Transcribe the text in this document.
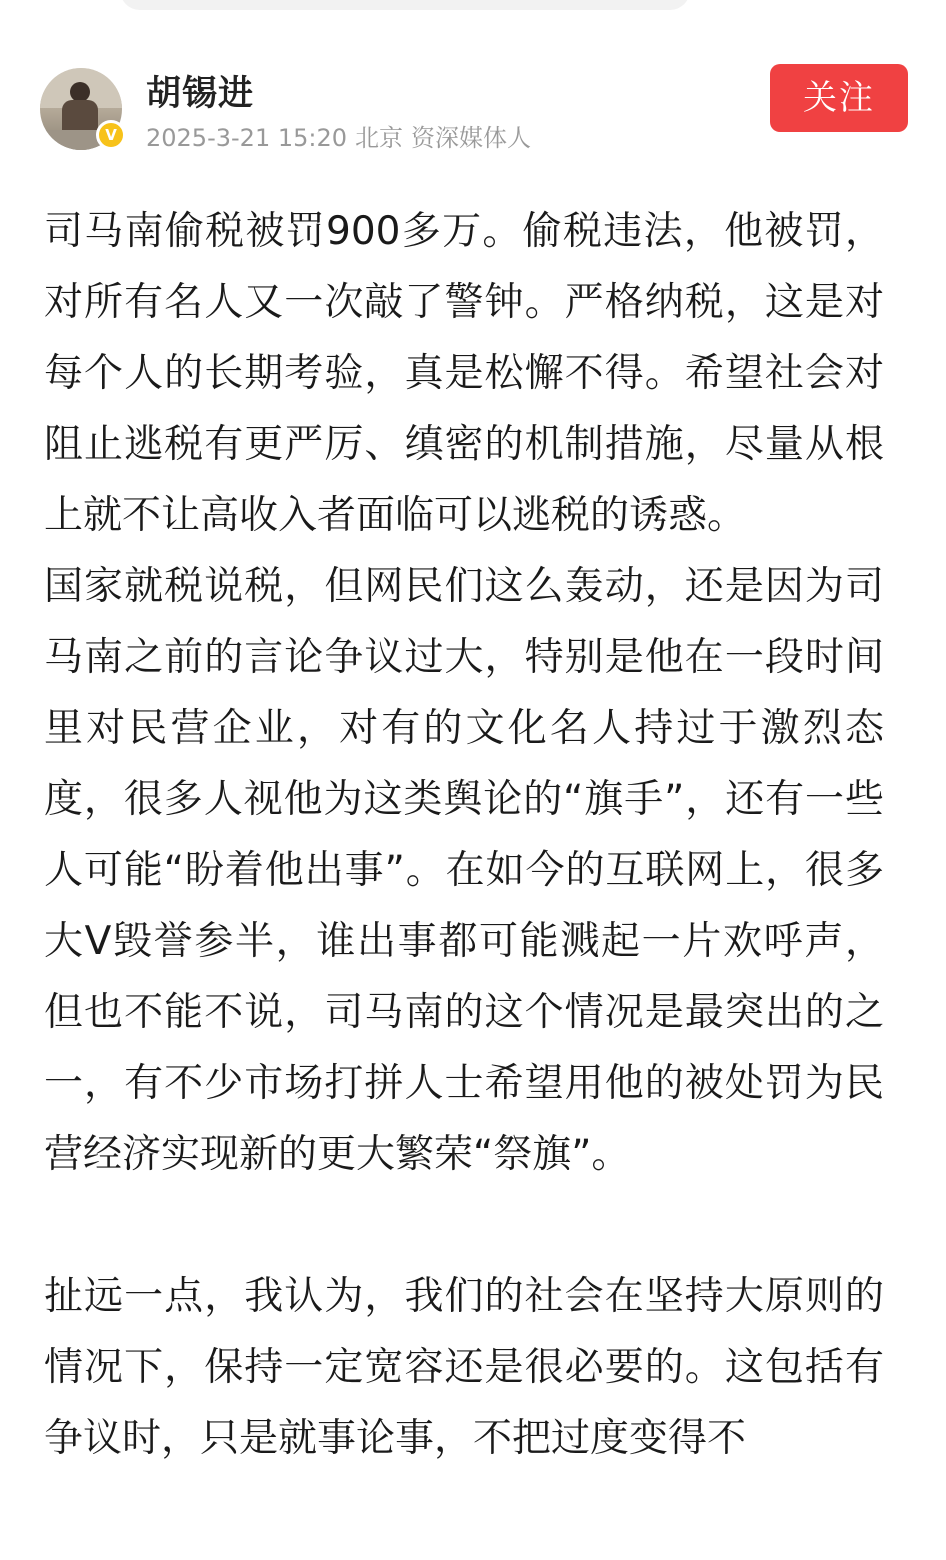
V
胡锡进
2025-3-21 15:20 北京 资深媒体人
关注

司马南偷税被罚900多万。偷税违法，他被罚，对所有名人又一次敲了警钟。严格纳税，这是对每个人的长期考验，真是松懈不得。希望社会对阻止逃税有更严厉、缜密的机制措施，尽量从根上就不让高收入者面临可以逃税的诱惑。

国家就税说税，但网民们这么轰动，还是因为司马南之前的言论争议过大，特别是他在一段时间里对民营企业，对有的文化名人持过于激烈态度，很多人视他为这类舆论的“旗手”，还有一些人可能“盼着他出事”。在如今的互联网上，很多大V毁誉参半，谁出事都可能溅起一片欢呼声，但也不能不说，司马南的这个情况是最突出的之一，有不少市场打拼人士希望用他的被处罚为民营经济实现新的更大繁荣“祭旗”。

扯远一点，我认为，我们的社会在坚持大原则的情况下，保持一定宽容还是很必要的。这包括有争议时，只是就事论事，不把过度变得不
